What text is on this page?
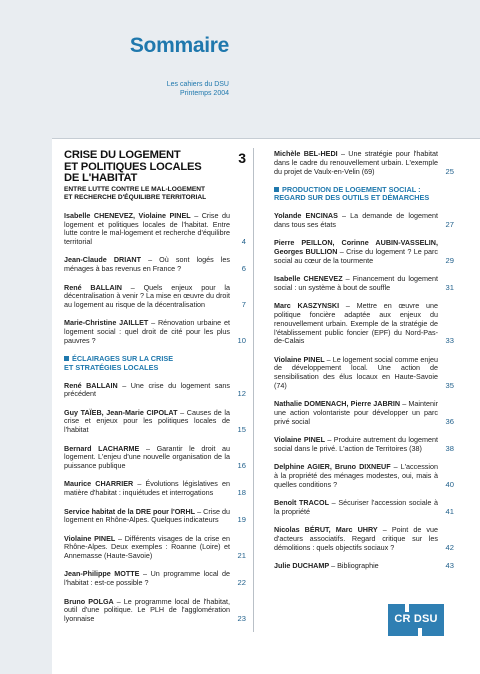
Sommaire
Les cahiers du DSU
Printemps 2004
CRISE DU LOGEMENT
ET POLITIQUES LOCALES
DE L'HABITAT
ENTRE LUTTE CONTRE LE MAL-LOGEMENT
ET RECHERCHE D'ÉQUILIBRE TERRITORIAL
3
Isabelle CHENEVEZ, Violaine PINEL – Crise du logement et politiques locales de l'habitat. Entre lutte contre le mal-logement et recherche d'équilibre territorial	4
Jean-Claude DRIANT – Où sont logés les ménages à bas revenus en France ?	6
René BALLAIN – Quels enjeux pour la décentralisation à venir ? La mise en œuvre du droit au logement au risque de la décentralisation	7
Marie-Christine JAILLET – Rénovation urbaine et logement social : quel droit de cité pour les plus pauvres ?	10
ÉCLAIRAGES SUR LA CRISE
ET STRATÉGIES LOCALES
René BALLAIN – Une crise du logement sans précédent	12
Guy TAÏEB, Jean-Marie CIPOLAT – Causes de la crise et enjeux pour les politiques locales de l'habitat	15
Bernard LACHARME – Garantir le droit au logement. L'enjeu d'une nouvelle organisation de la puissance publique	16
Maurice CHARRIER – Évolutions législatives en matière d'habitat : inquiétudes et interrogations	18
Service habitat de la DRE pour l'ORHL – Crise du logement en Rhône-Alpes. Quelques indicateurs	19
Violaine PINEL – Différents visages de la crise en Rhône-Alpes. Deux exemples : Roanne (Loire) et Annemasse (Haute-Savoie)	21
Jean-Philippe MOTTE – Un programme local de l'habitat : est-ce possible ?	22
Bruno POLGA – Le programme local de l'habitat, outil d'une politique. Le PLH de l'agglomération lyonnaise	23
Michèle BEL-HEDI – Une stratégie pour l'habitat dans le cadre du renouvellement urbain. L'exemple du projet de Vaulx-en-Velin (69)	25
PRODUCTION DE LOGEMENT SOCIAL :
REGARD SUR DES OUTILS ET DÉMARCHES
Yolande ENCINAS – La demande de logement dans tous ses états	27
Pierre PEILLON, Corinne AUBIN-VASSELIN, Georges BULLION – Crise du logement ? Le parc social au cœur de la tourmente	29
Isabelle CHENEVEZ – Financement du logement social : un système à bout de souffle	31
Marc KASZYNSKI – Mettre en œuvre une politique foncière adaptée aux enjeux du renouvellement urbain. Exemple de la stratégie de l'établissement public foncier (EPF) du Nord-Pas-de-Calais	33
Violaine PINEL – Le logement social comme enjeu de développement local. Une action de sensibilisation des élus locaux en Haute-Savoie (74)	35
Nathalie DOMENACH, Pierre JABRIN – Maintenir une action volontariste pour développer un parc privé social	36
Violaine PINEL – Produire autrement du logement social dans le privé. L'action de Territoires (38)	38
Delphine AGIER, Bruno DIXNEUF – L'accession à la propriété des ménages modestes, oui, mais à quelles conditions ?	40
Benoît TRACOL – Sécuriser l'accession sociale à la propriété	41
Nicolas BÉRUT, Marc UHRY – Point de vue d'acteurs associatifs. Regard critique sur les démolitions : quels objectifs sociaux ?	42
Julie DUCHAMP – Bibliographie	43
CR DSU
